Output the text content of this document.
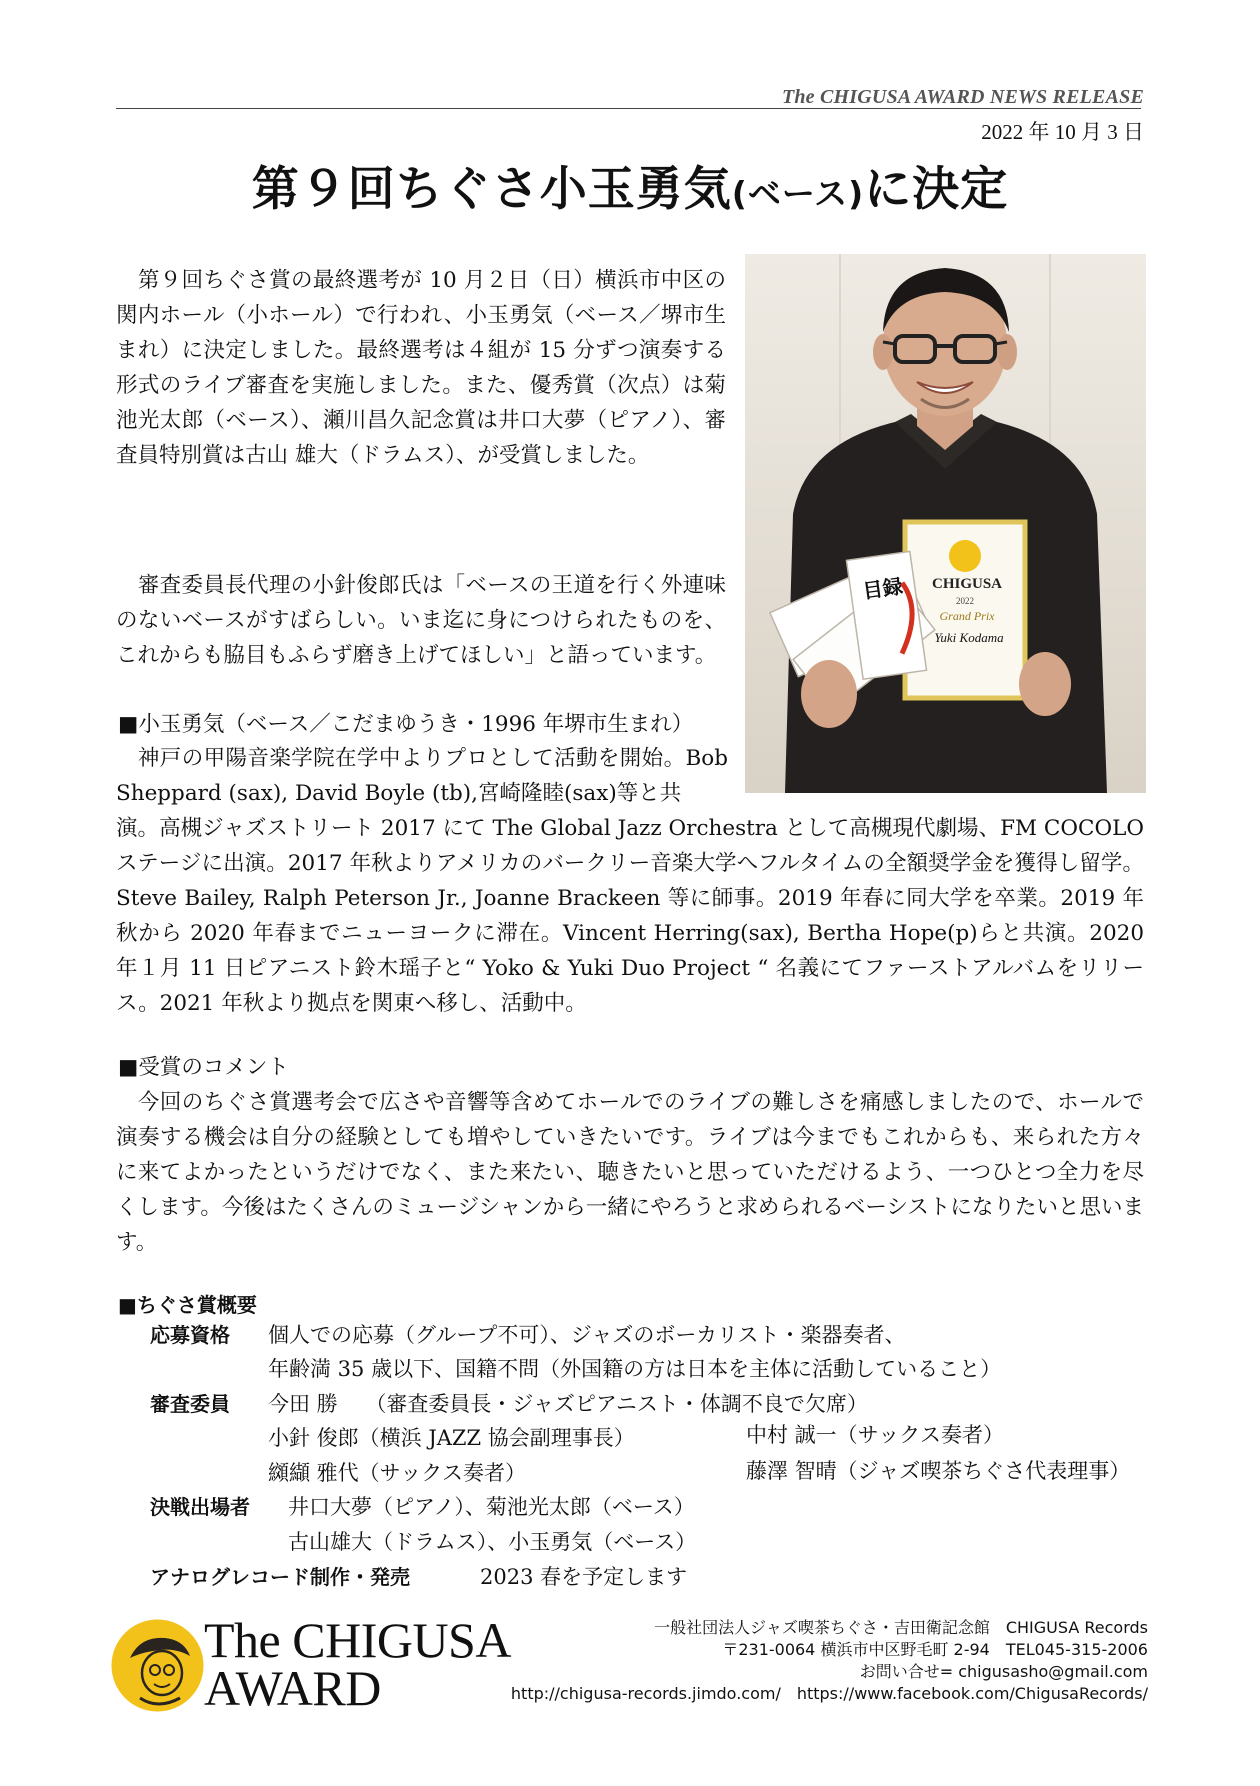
The CHIGUSA AWARD NEWS RELEASE
2022 年 10 月 3 日
第９回ちぐさ小玉勇気(ベース)に決定

　第９回ちぐさ賞の最終選考が 10 月２日（日）横浜市中区の関内ホール（小ホール）で行われ、小玉勇気（ベース／堺市生まれ）に決定しました。最終選考は４組が 15 分ずつ演奏する形式のライブ審査を実施しました。また、優秀賞（次点）は菊池光太郎（ベース）、瀬川昌久記念賞は井口大夢（ピアノ）、審査員特別賞は古山 雄大（ドラムス）、が受賞しました。

　審査委員長代理の小針俊郎氏は「ベースの王道を行く外連味のないベースがすばらしい。いま迄に身につけられたものを、これからも脇目もふらず磨き上げてほしい」と語っています。

CHIGUSA
2022
Grand Prix
Yuki Kodama
目録
■小玉勇気（ベース／こだまゆうき・1996 年堺市生まれ）

　神戸の甲陽音楽学院在学中よりプロとして活動を開始。Bob Sheppard (sax), David Boyle (tb),宮崎隆睦(sax)等と共

演。高槻ジャズストリート 2017 にて The Global Jazz Orchestra として高槻現代劇場、FM COCOLO ステージに出演。2017 年秋よりアメリカのバークリー音楽大学へフルタイムの全額奨学金を獲得し留学。Steve Bailey, Ralph Peterson Jr., Joanne Brackeen 等に師事。2019 年春に同大学を卒業。2019 年秋から 2020 年春までニューヨークに滞在。Vincent Herring(sax), Bertha Hope(p)らと共演。2020 年１月 11 日ピアニスト鈴木瑶子と“ Yoko & Yuki Duo Project “ 名義にてファーストアルバムをリリース。2021 年秋より拠点を関東へ移し、活動中。

■受賞のコメント

　今回のちぐさ賞選考会で広さや音響等含めてホールでのライブの難しさを痛感しましたので、ホールで演奏する機会は自分の経験としても増やしていきたいです。ライブは今までもこれからも、来られた方々に来てよかったというだけでなく、また来たい、聴きたいと思っていただけるよう、一つひとつ全力を尽くします。今後はたくさんのミュージシャンから一緒にやろうと求められるベーシストになりたいと思います。

■ちぐさ賞概要
応募資格 個人での応募（グループ不可）、ジャズのボーカリスト・楽器奏者、
年齢満 35 歳以下、国籍不問（外国籍の方は日本を主体に活動していること）
審査委員 今田 勝　 （審査委員長・ジャズピアニスト・体調不良で欠席）
小針 俊郎（横浜 JAZZ 協会副理事長）	中村 誠一（サックス奏者）
纐纈 雅代（サックス奏者）	藤澤 智晴（ジャズ喫茶ちぐさ代表理事）
決戦出場者 井口大夢（ピアノ）、菊池光太郎（ベース）
古山雄大（ドラムス）、小玉勇気（ベース）
アナログレコード制作・発売	2023 春を予定します
The CHIGUSA
AWARD
一般社団法人ジャズ喫茶ちぐさ・吉田衛記念館　CHIGUSA Records
〒231-0064 横浜市中区野毛町 2-94　TEL045-315-2006
お問い合せ= chigusasho@gmail.com
http://chigusa-records.jimdo.com/　https://www.facebook.com/ChigusaRecords/
